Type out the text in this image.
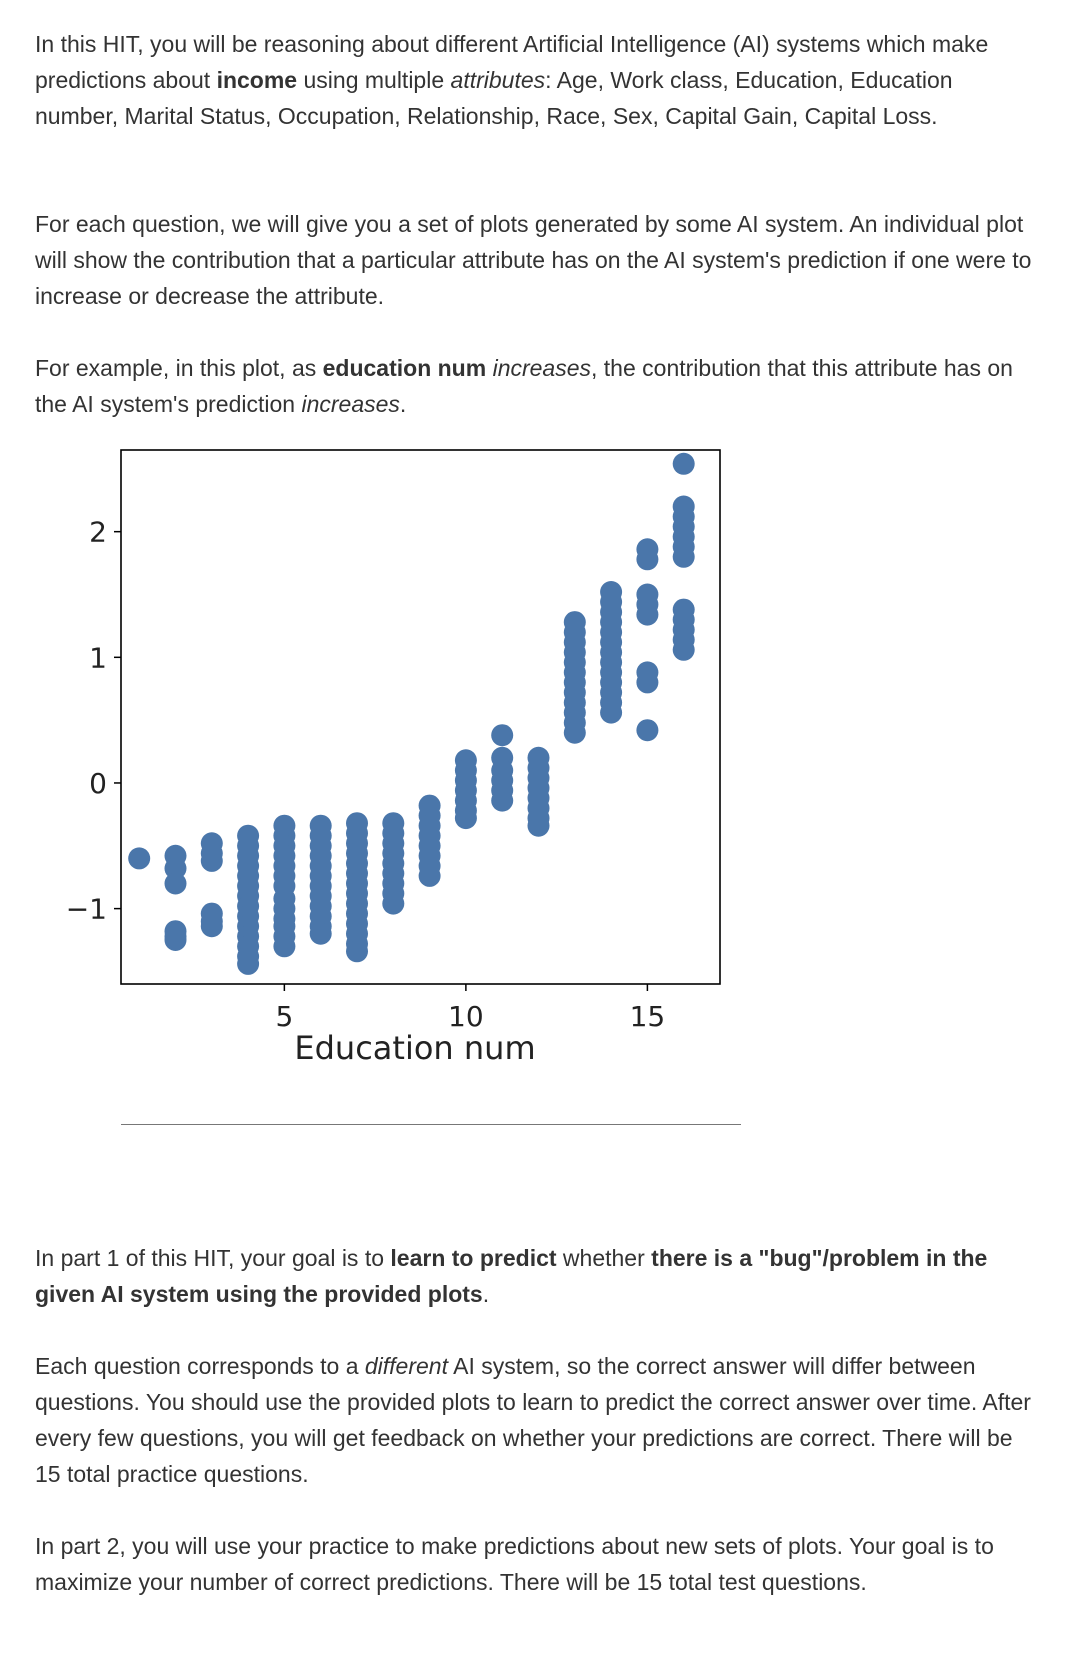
In this HIT, you will be reasoning about different Artificial Intelligence (AI) systems which make predictions about income using multiple attributes: Age, Work class, Education, Education number, Marital Status, Occupation, Relationship, Race, Sex, Capital Gain, Capital Loss.

For each question, we will give you a set of plots generated by some AI system. An individual plot will show the contribution that a particular attribute has on the AI system's prediction if one were to increase or decrease the attribute.

For example, in this plot, as education num increases, the contribution that this attribute has on the AI system's prediction increases.

5	10	15
2
1
0
−1
Education num

In part 1 of this HIT, your goal is to learn to predict whether there is a "bug"/problem in the given AI system using the provided plots.

Each question corresponds to a different AI system, so the correct answer will differ between questions. You should use the provided plots to learn to predict the correct answer over time. After every few questions, you will get feedback on whether your predictions are correct. There will be 15 total practice questions.

In part 2, you will use your practice to make predictions about new sets of plots. Your goal is to maximize your number of correct predictions. There will be 15 total test questions.
